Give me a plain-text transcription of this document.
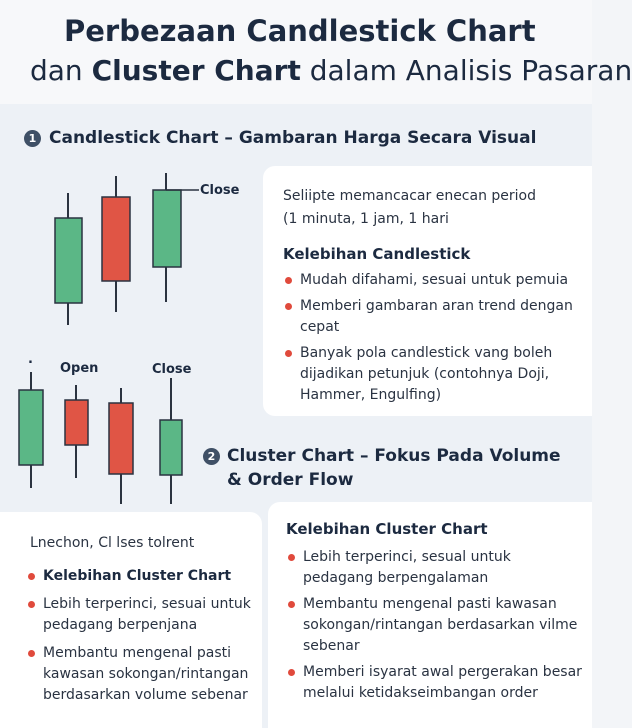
Perbezaan Candlestick Chart
dan Cluster Chart dalam Analisis Pasaran
1 Candlestick Chart – Gambaran Harga Secara Visual
Close
.
Open	Close
Seliipte memancacar enecan period
(1 minuta, 1 jam, 1 hari
Kelebihan Candlestick
Mudah difahami, sesuai untuk pemuia
Memberi gambaran aran trend dengan cepat
Banyak pola candlestick vang boleh dijadikan petunjuk (contohnya Doji, Hammer, Engulfing)
2 Cluster Chart – Fokus Pada Volume & Order Flow
Lnechon, Cl lses tolrent
Kelebihan Cluster Chart
Lebih terperinci, sesuai untuk pedagang berpenjana
Membantu mengenal pasti kawasan sokongan/rintangan berdasarkan volume sebenar
Kelebihan Cluster Chart
Lebih terperinci, sesual untuk pedagang berpengalaman
Membantu mengenal pasti kawasan sokongan/rintangan berdasarkan vilme sebenar
Memberi isyarat awal pergerakan besar melalui ketidakseimbangan order
